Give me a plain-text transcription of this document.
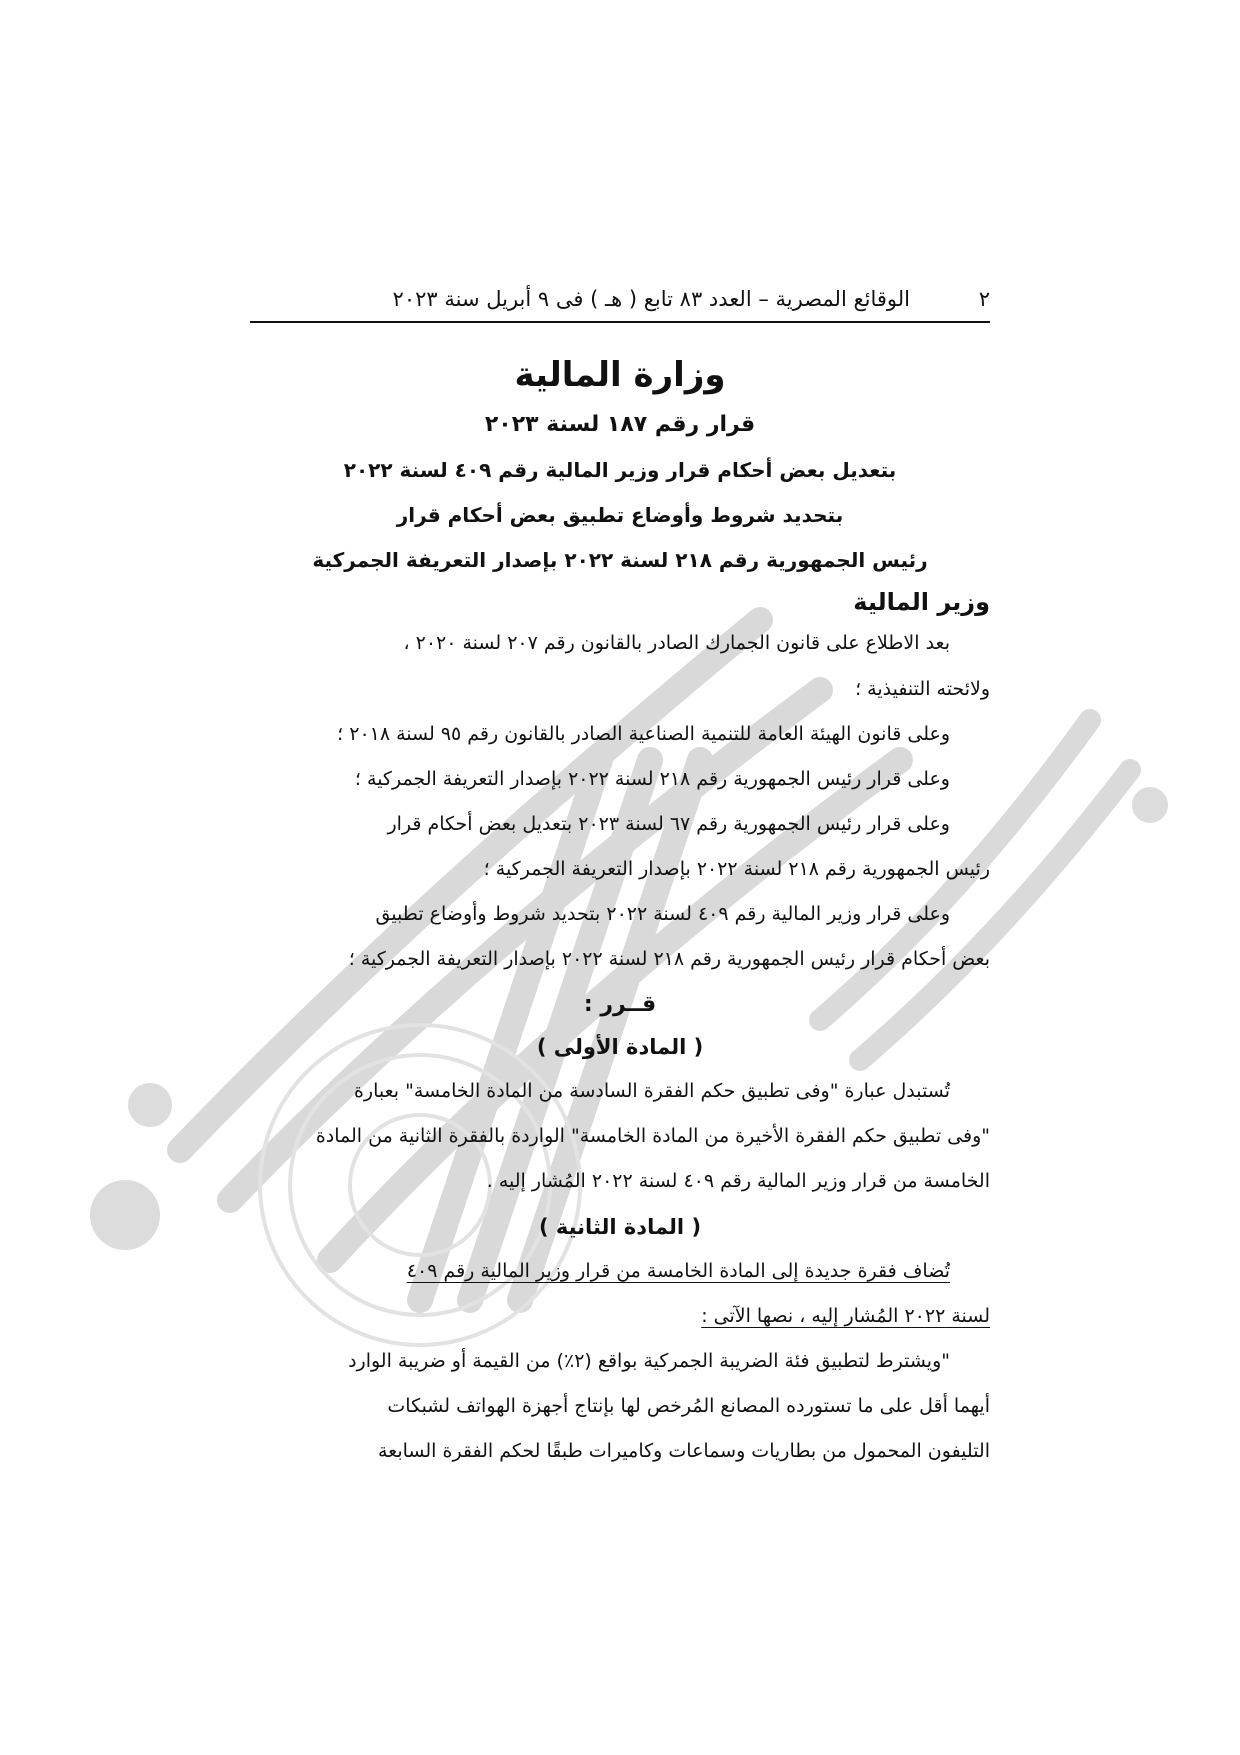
٢
الوقائع المصرية – العدد ٨٣ تابع ( هـ ) فى ٩ أبريل سنة ٢٠٢٣
وزارة المالية
قرار رقم ١٨٧ لسنة ٢٠٢٣
بتعديل بعض أحكام قرار وزير المالية رقم ٤٠٩ لسنة ٢٠٢٢
بتحديد شروط وأوضاع تطبيق بعض أحكام قرار
رئيس الجمهورية رقم ٢١٨ لسنة ٢٠٢٢ بإصدار التعريفة الجمركية
وزير المالية
بعد الاطلاع على قانون الجمارك الصادر بالقانون رقم ٢٠٧ لسنة ٢٠٢٠ ،
ولائحته التنفيذية ؛
وعلى قانون الهيئة العامة للتنمية الصناعية الصادر بالقانون رقم ٩٥ لسنة ٢٠١٨ ؛
وعلى قرار رئيس الجمهورية رقم ٢١٨ لسنة ٢٠٢٢ بإصدار التعريفة الجمركية ؛
وعلى قرار رئيس الجمهورية رقم ٦٧ لسنة ٢٠٢٣ بتعديل بعض أحكام قرار
رئيس الجمهورية رقم ٢١٨ لسنة ٢٠٢٢ بإصدار التعريفة الجمركية ؛
وعلى قرار وزير المالية رقم ٤٠٩ لسنة ٢٠٢٢ بتحديد شروط وأوضاع تطبيق
بعض أحكام قرار رئيس الجمهورية رقم ٢١٨ لسنة ٢٠٢٢ بإصدار التعريفة الجمركية ؛
قــرر :
( المادة الأولى )
تُستبدل عبارة "وفى تطبيق حكم الفقرة السادسة من المادة الخامسة" بعبارة
"وفى تطبيق حكم الفقرة الأخيرة من المادة الخامسة" الواردة بالفقرة الثانية من المادة
الخامسة من قرار وزير المالية رقم ٤٠٩ لسنة ٢٠٢٢ المُشار إليه .
( المادة الثانية )
تُضاف فقرة جديدة إلى المادة الخامسة من قرار وزير المالية رقم ٤٠٩
لسنة ٢٠٢٢ المُشار إليه ، نصها الآتى :
"ويشترط لتطبيق فئة الضريبة الجمركية بواقع (٢٪) من القيمة أو ضريبة الوارد
أيهما أقل على ما تستورده المصانع المُرخص لها بإنتاج أجهزة الهواتف لشبكات
التليفون المحمول من بطاريات وسماعات وكاميرات طبقًا لحكم الفقرة السابعة
